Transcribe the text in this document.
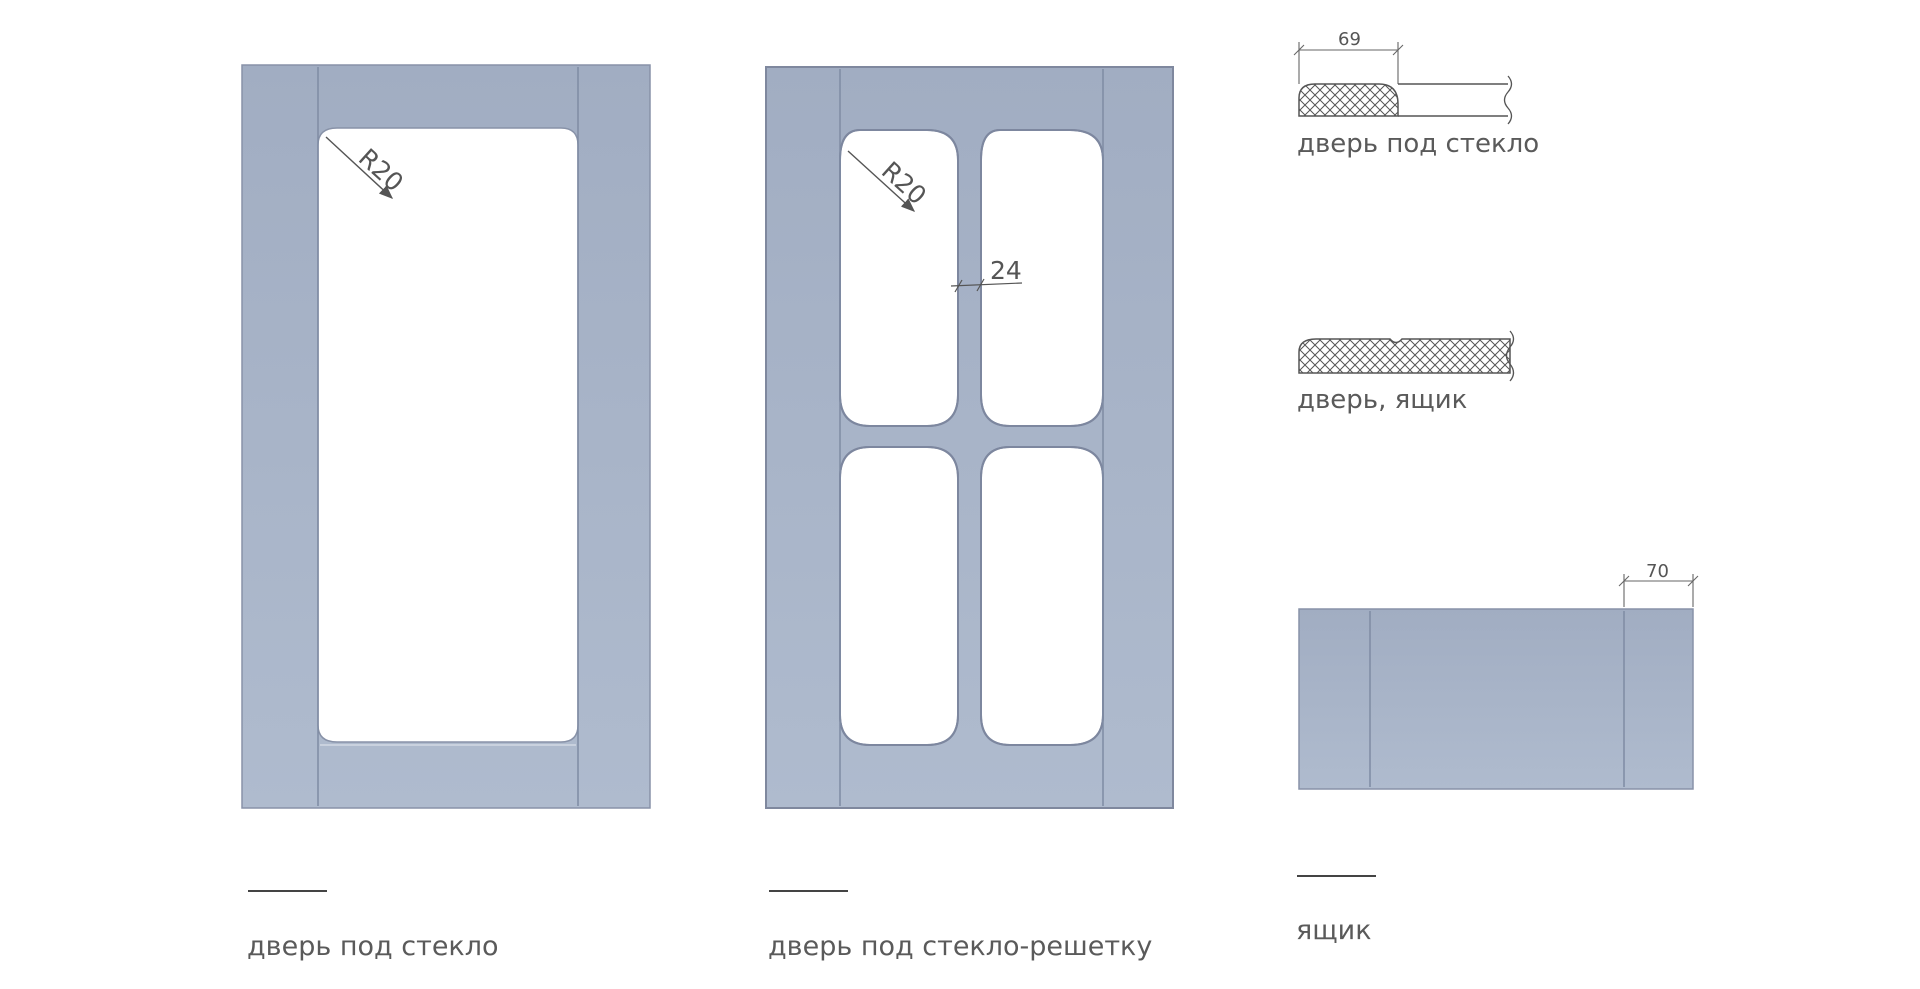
R20	R20
24
69
дверь под стекло
дверь, ящик
70
дверь под стекло	дверь под стекло-решетку
ящик
